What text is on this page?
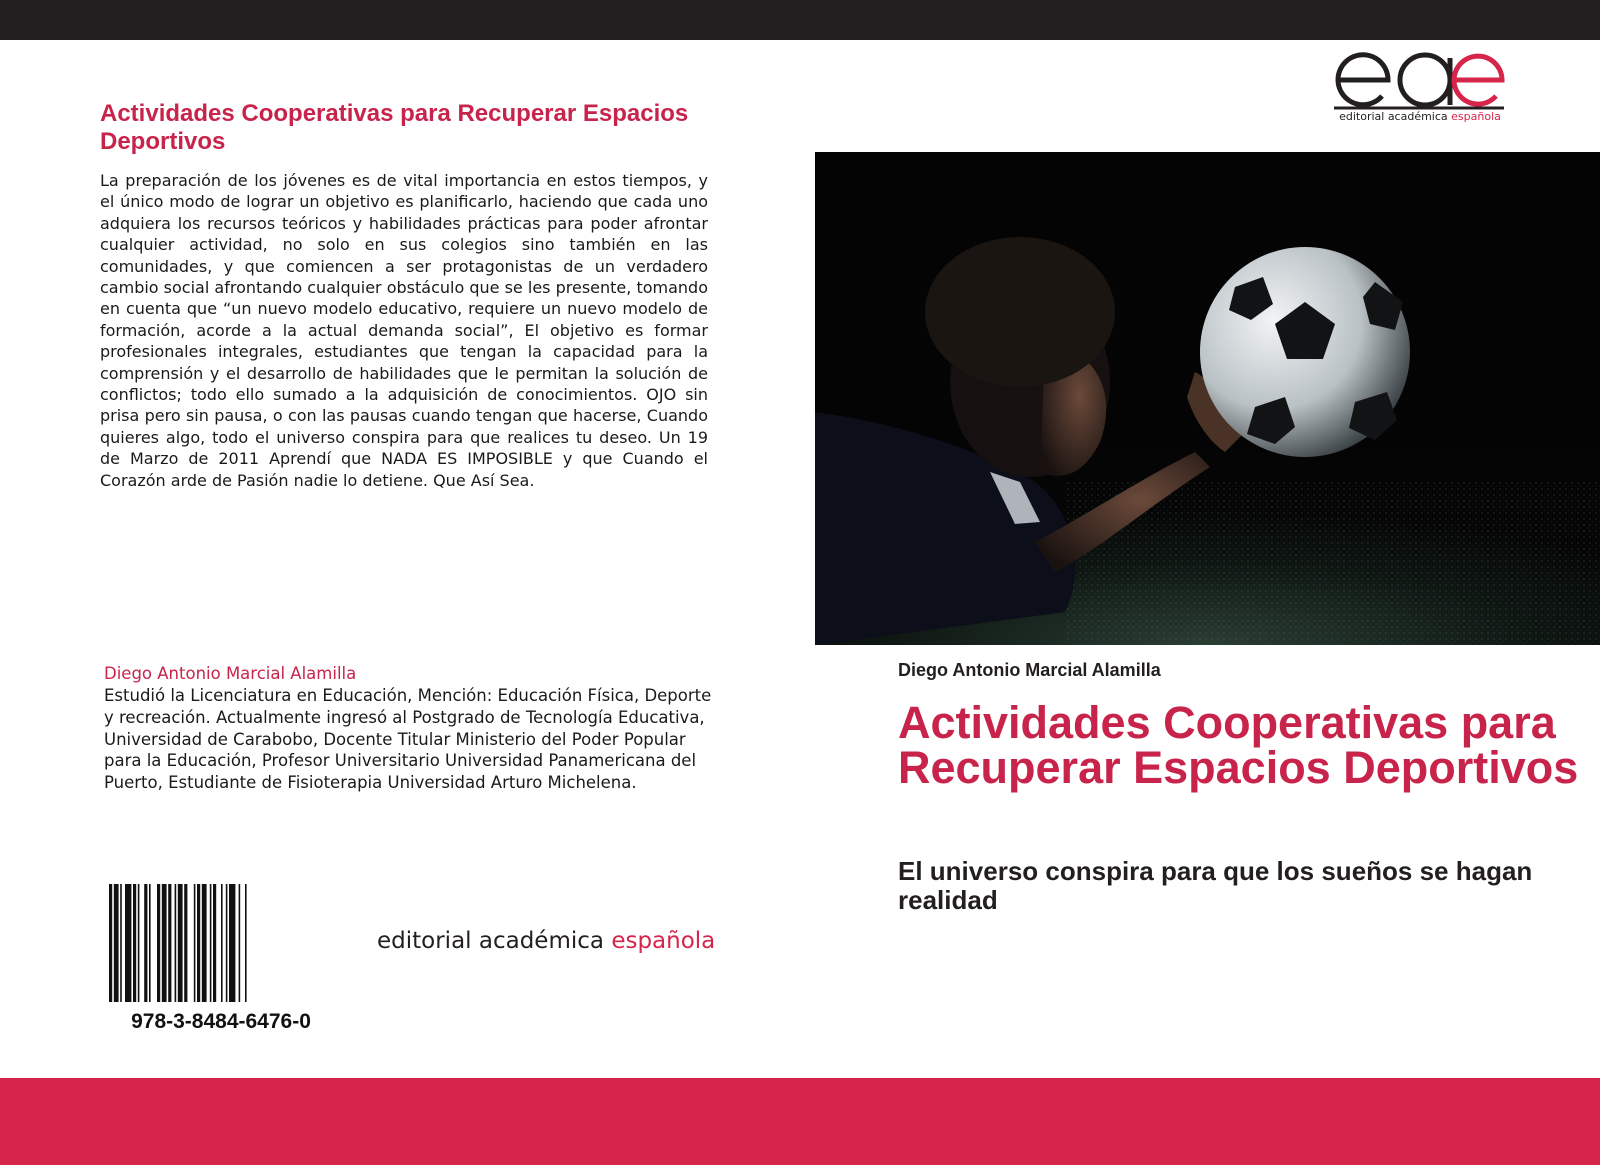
Actividades Cooperativas para Recuperar Espacios Deportivos

La preparación de los jóvenes es de vital importancia en estos tiempos, y el único modo de lograr un objetivo es planificarlo, haciendo que cada uno adquiera los recursos teóricos y habilidades prácticas para poder afrontar cualquier actividad, no solo en sus colegios sino también en las comunidades, y que comiencen a ser protagonistas de un verdadero cambio social afrontando cualquier obstáculo que se les presente, tomando en cuenta que “un nuevo modelo educativo, requiere un nuevo modelo de formación, acorde a la actual demanda social”, El objetivo es formar profesionales integrales, estudiantes que tengan la capacidad para la comprensión y el desarrollo de habilidades que le permitan la solución de conflictos; todo ello sumado a la adquisición de conocimientos. OJO sin prisa pero sin pausa, o con las pausas cuando tengan que hacerse, Cuando quieres algo, todo el universo conspira para que realices tu deseo. Un 19 de Marzo de 2011 Aprendí que NADA ES IMPOSIBLE y que Cuando el Corazón arde de Pasión nadie lo detiene. Que Así Sea.

Diego Antonio Marcial Alamilla

Estudió la Licenciatura en Educación, Mención: Educación Física, Deporte y recreación. Actualmente ingresó al Postgrado de Tecnología Educativa, Universidad de Carabobo, Docente Titular Ministerio del Poder Popular para la Educación, Profesor Universitario Universidad Panamericana del Puerto, Estudiante de Fisioterapia Universidad Arturo Michelena.

978-3-8484-6476-0

editorial académica española

editorial académica española

Diego Antonio Marcial Alamilla

Actividades Cooperativas para Recuperar Espacios Deportivos

El universo conspira para que los sueños se hagan realidad
